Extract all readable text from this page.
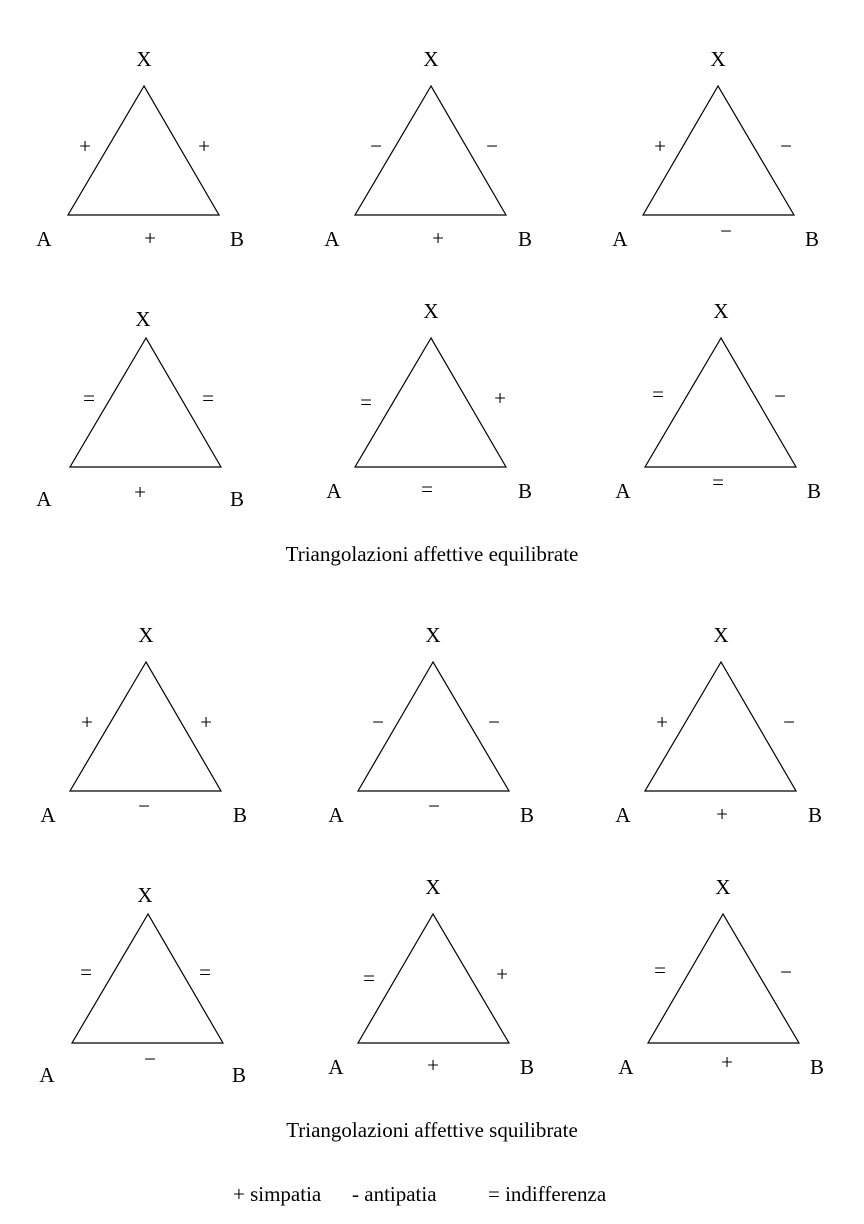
X
A	B
+	+
+
X
A	B
−	−
+
X
A	B
+	−
−
X
A	B
=	=
+
X
A	B
=	+
=
X
A	B
=	−
=
X
A	B
+	+
−
X
A	B
−	−
−
X
A	B
+	−
+
X
A	B
=	=
−
X
A	B
=	+
+
X
A	B
=	−
+
Triangolazioni affettive equilibrate
Triangolazioni affettive squilibrate
+ simpatia - antipatia = indifferenza
